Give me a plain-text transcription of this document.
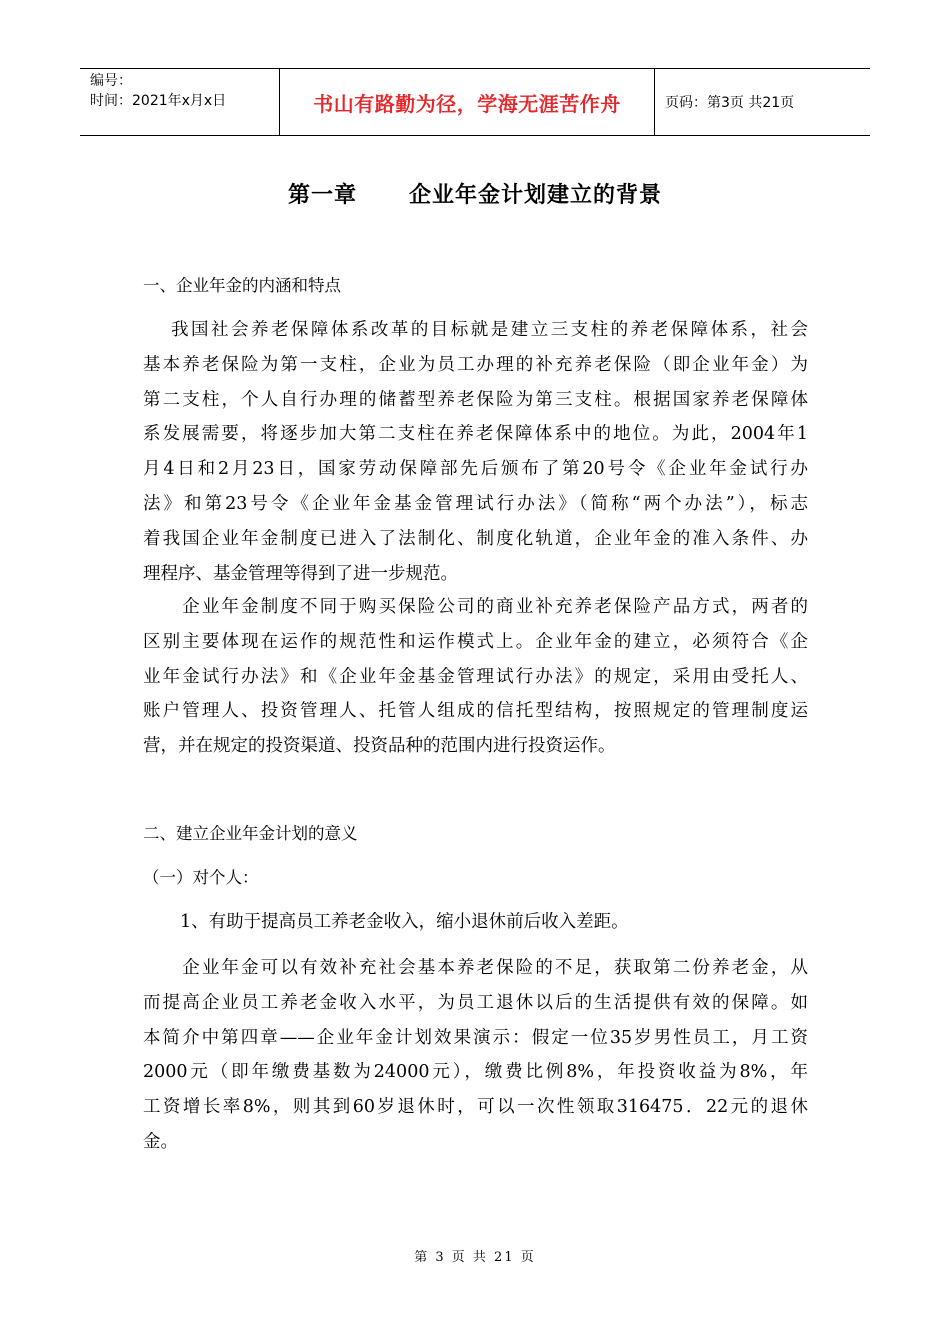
编号：
时间：2021年x月x日	书山有路勤为径，学海无涯苦作舟	页码：第3页 共21页
第一章      企业年金计划建立的背景
一、企业年金的内涵和特点
　 我国社会养老保障体系改革的目标就是建立三支柱的养老保障体系，社会
基本养老保险为第一支柱，企业为员工办理的补充养老保险（即企业年金）为
第二支柱，个人自行办理的储蓄型养老保险为第三支柱。根据国家养老保障体
系发展需要，将逐步加大第二支柱在养老保障体系中的地位。为此，2004年1
月4日和2月23日，国家劳动保障部先后颁布了第20号令《企业年金试行办
法》和第23号令《企业年金基金管理试行办法》（简称“两个办法”），标志
着我国企业年金制度已进入了法制化、制度化轨道，企业年金的准入条件、办
理程序、基金管理等得到了进一步规范。
　　企业年金制度不同于购买保险公司的商业补充养老保险产品方式，两者的
区别主要体现在运作的规范性和运作模式上。企业年金的建立，必须符合《企
业年金试行办法》和《企业年金基金管理试行办法》的规定，采用由受托人、
账户管理人、投资管理人、托管人组成的信托型结构，按照规定的管理制度运
营，并在规定的投资渠道、投资品种的范围内进行投资运作。
二、建立企业年金计划的意义
（一）对个人：
1、有助于提高员工养老金收入，缩小退休前后收入差距。
　　企业年金可以有效补充社会基本养老保险的不足，获取第二份养老金，从
而提高企业员工养老金收入水平，为员工退休以后的生活提供有效的保障。如
本简介中第四章——企业年金计划效果演示：假定一位35岁男性员工，月工资
2000元（即年缴费基数为24000元），缴费比例8%，年投资收益为8%，年
工资增长率8%，则其到60岁退休时，可以一次性领取316475．22元的退休
金。
第 3 页 共 21 页
